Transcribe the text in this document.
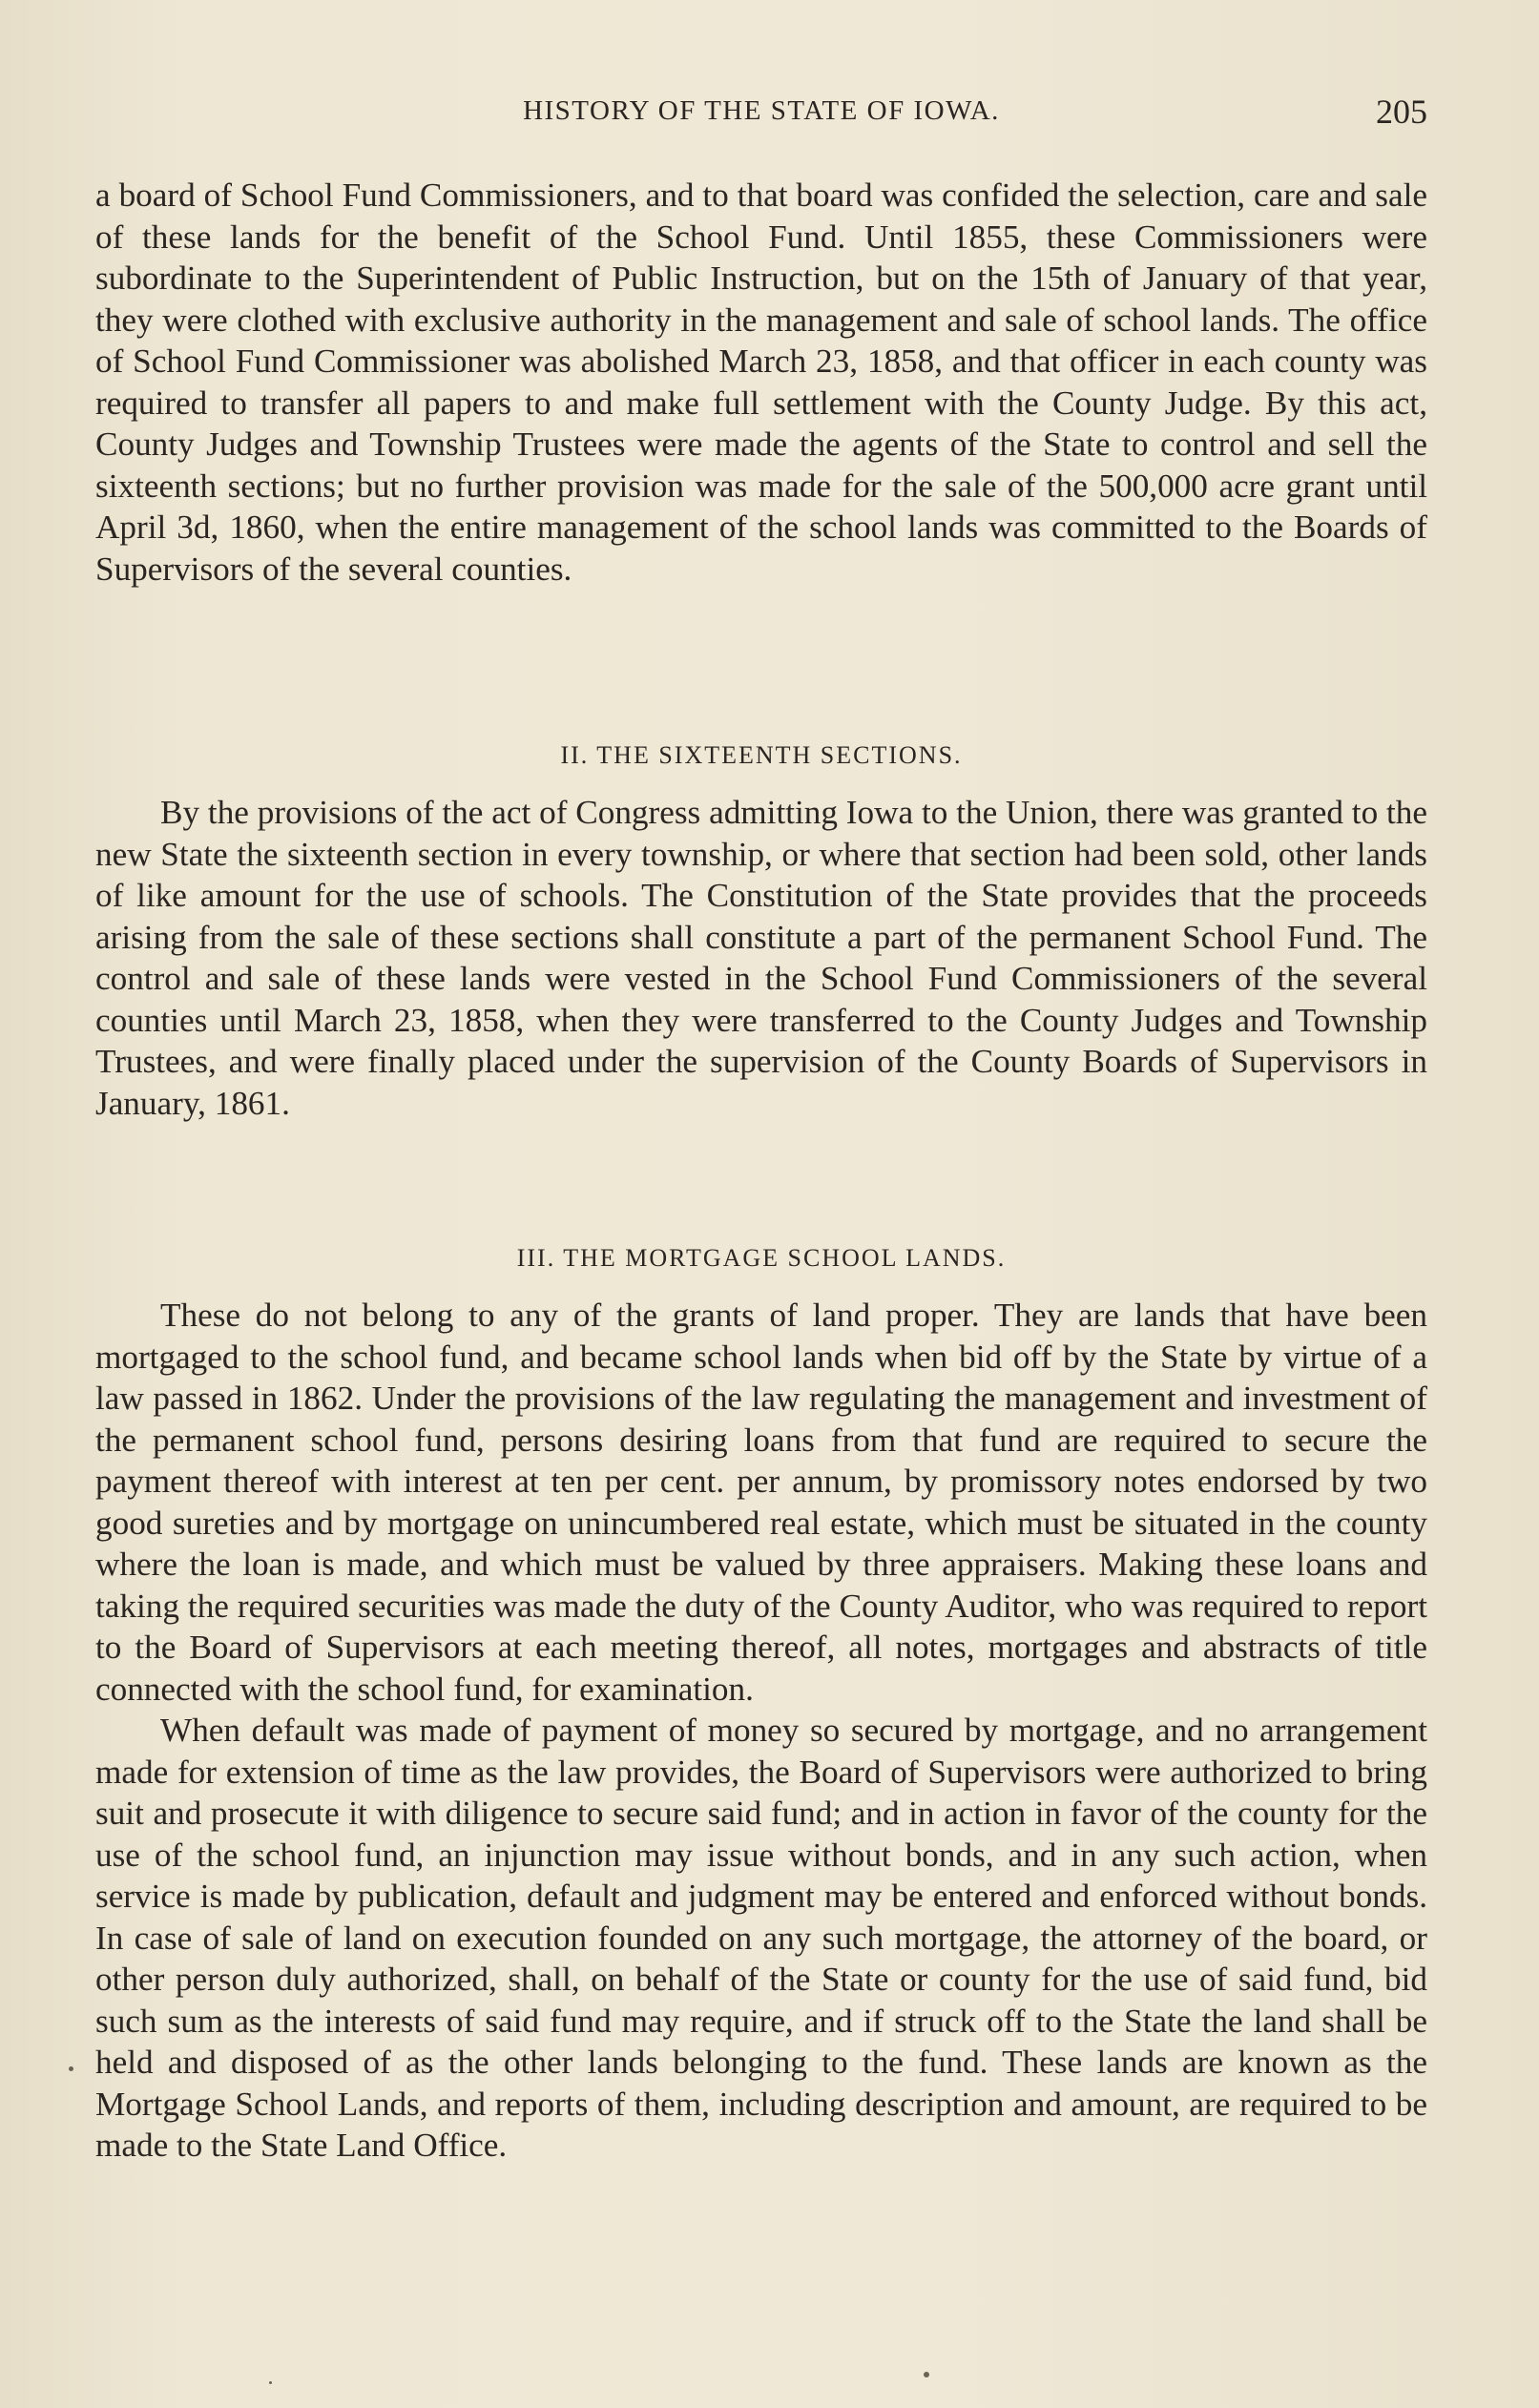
HISTORY OF THE STATE OF IOWA.	205

a board of School Fund Commissioners, and to that board was confided the selection, care and sale of these lands for the benefit of the School Fund. Until 1855, these Commissioners were subordinate to the Superintendent of Public Instruction, but on the 15th of January of that year, they were clothed with exclusive authority in the management and sale of school lands. The office of School Fund Commissioner was abolished March 23, 1858, and that officer in each county was required to transfer all papers to and make full settlement with the County Judge. By this act, County Judges and Township Trustees were made the agents of the State to control and sell the sixteenth sections; but no further provision was made for the sale of the 500,000 acre grant until April 3d, 1860, when the entire management of the school lands was committed to the Boards of Supervisors of the several counties.

II. THE SIXTEENTH SECTIONS.

By the provisions of the act of Congress admitting Iowa to the Union, there was granted to the new State the sixteenth section in every township, or where that section had been sold, other lands of like amount for the use of schools. The Constitution of the State provides that the proceeds arising from the sale of these sections shall constitute a part of the permanent School Fund. The control and sale of these lands were vested in the School Fund Commissioners of the several counties until March 23, 1858, when they were transferred to the County Judges and Township Trustees, and were finally placed under the supervision of the County Boards of Supervisors in January, 1861.

III. THE MORTGAGE SCHOOL LANDS.

These do not belong to any of the grants of land proper. They are lands that have been mortgaged to the school fund, and became school lands when bid off by the State by virtue of a law passed in 1862. Under the provisions of the law regulating the management and investment of the permanent school fund, persons desiring loans from that fund are required to secure the payment thereof with interest at ten per cent. per annum, by promissory notes endorsed by two good sureties and by mortgage on unincumbered real estate, which must be situated in the county where the loan is made, and which must be valued by three appraisers. Making these loans and taking the required securities was made the duty of the County Auditor, who was required to report to the Board of Supervisors at each meeting thereof, all notes, mortgages and abstracts of title connected with the school fund, for examination.

When default was made of payment of money so secured by mortgage, and no arrangement made for extension of time as the law provides, the Board of Supervisors were authorized to bring suit and prosecute it with diligence to secure said fund; and in action in favor of the county for the use of the school fund, an injunction may issue without bonds, and in any such action, when service is made by publication, default and judgment may be entered and enforced without bonds. In case of sale of land on execution founded on any such mortgage, the attorney of the board, or other person duly authorized, shall, on behalf of the State or county for the use of said fund, bid such sum as the interests of said fund may require, and if struck off to the State the land shall be held and disposed of as the other lands belonging to the fund. These lands are known as the Mortgage School Lands, and reports of them, including description and amount, are required to be made to the State Land Office.
